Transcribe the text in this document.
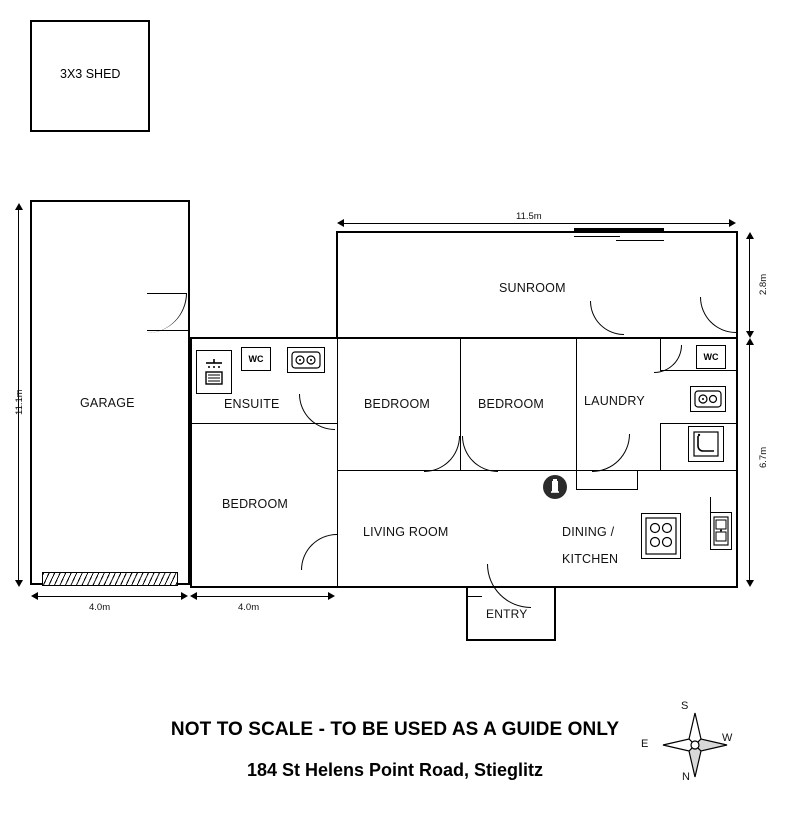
3X3 SHED
GARAGE
ENTRY
WC	WC
ENSUITE
BEDROOM
BEDROOM	BEDROOM
SUNROOM
LAUNDRY
LIVING ROOM	DINING /
KITCHEN
11.5m
2.8m
6.7m
11.1m
4.0m	4.0m
NOT TO SCALE - TO BE USED AS A GUIDE ONLY
184 St Helens Point Road, Stieglitz
S
N
E	W
